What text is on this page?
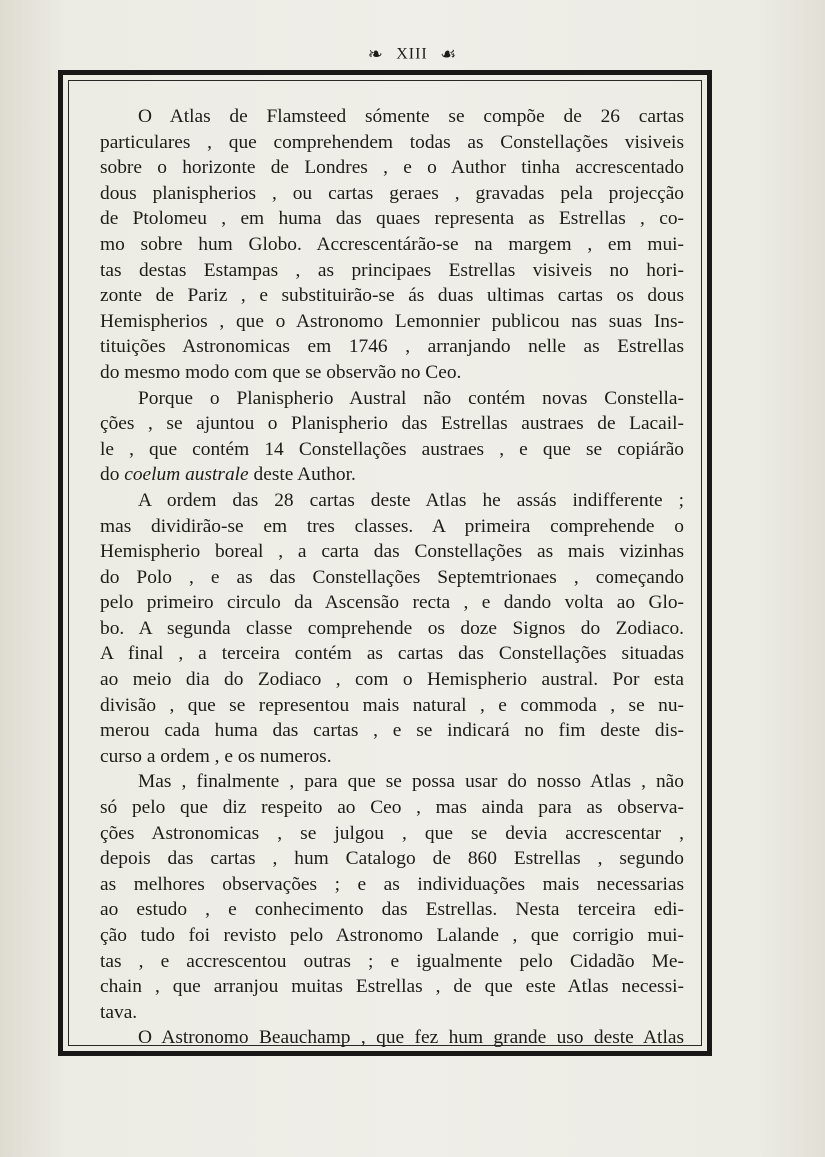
❧ XIII ☙
O Atlas de Flamsteed sómente se compõe de 26 cartas
particulares , que comprehendem todas as Constellações visiveis
sobre o horizonte de Londres , e o Author tinha accrescentado
dous planispherios , ou cartas geraes , gravadas pela projecção
de Ptolomeu , em huma das quaes representa as Estrellas , co-
mo sobre hum Globo. Accrescentárão-se na margem , em mui-
tas destas Estampas , as principaes Estrellas visiveis no hori-
zonte de Pariz , e substituirão-se ás duas ultimas cartas os dous
Hemispherios , que o Astronomo Lemonnier publicou nas suas Ins-
tituições Astronomicas em 1746 , arranjando nelle as Estrellas
do mesmo modo com que se observão no Ceo.
Porque o Planispherio Austral não contém novas Constella-
ções , se ajuntou o Planispherio das Estrellas austraes de Lacail-
le , que contém 14 Constellações austraes , e que se copiárão
do coelum australe deste Author.
A ordem das 28 cartas deste Atlas he assás indifferente ;
mas dividirão-se em tres classes. A primeira comprehende o
Hemispherio boreal , a carta das Constellações as mais vizinhas
do Polo , e as das Constellações Septemtrionaes , começando
pelo primeiro circulo da Ascensão recta , e dando volta ao Glo-
bo. A segunda classe comprehende os doze Signos do Zodiaco.
A final , a terceira contém as cartas das Constellações situadas
ao meio dia do Zodiaco , com o Hemispherio austral. Por esta
divisão , que se representou mais natural , e commoda , se nu-
merou cada huma das cartas , e se indicará no fim deste dis-
curso a ordem , e os numeros.
Mas , finalmente , para que se possa usar do nosso Atlas , não
só pelo que diz respeito ao Ceo , mas ainda para as observa-
ções Astronomicas , se julgou , que se devia accrescentar ,
depois das cartas , hum Catalogo de 860 Estrellas , segundo
as melhores observações ; e as individuações mais necessarias
ao estudo , e conhecimento das Estrellas. Nesta terceira edi-
ção tudo foi revisto pelo Astronomo Lalande , que corrigio mui-
tas , e accrescentou outras ; e igualmente pelo Cidadão Me-
chain , que arranjou muitas Estrellas , de que este Atlas necessi-
tava.
O Astronomo Beauchamp , que fez hum grande uso deste Atlas
